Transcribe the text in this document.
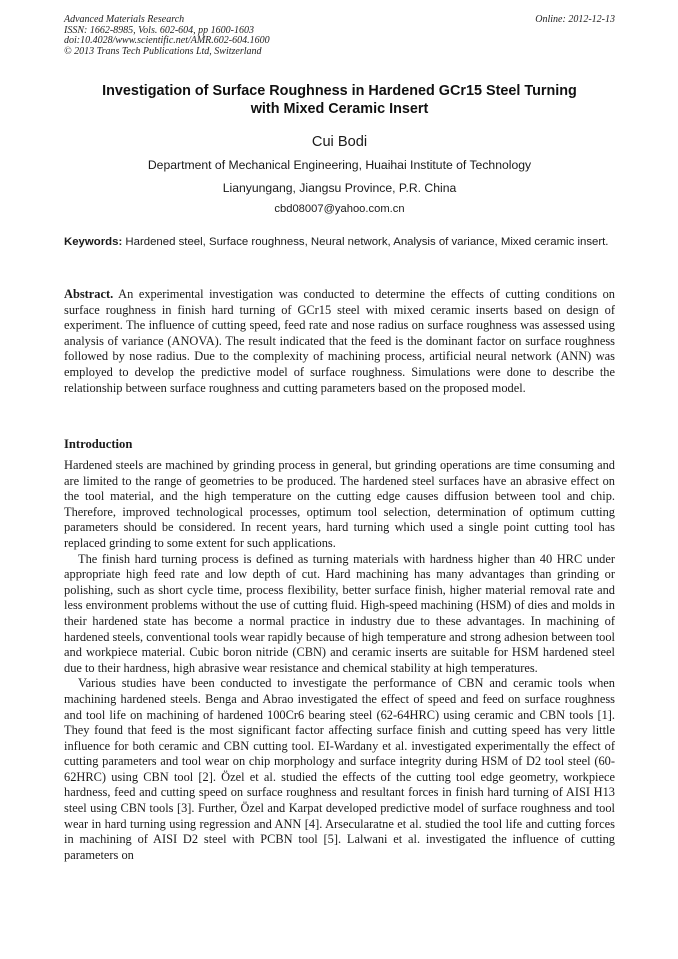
Advanced Materials Research
ISSN: 1662-8985, Vols. 602-604, pp 1600-1603
doi:10.4028/www.scientific.net/AMR.602-604.1600
© 2013 Trans Tech Publications Ltd, Switzerland
Online: 2012-12-13
Investigation of Surface Roughness in Hardened GCr15 Steel Turning
with Mixed Ceramic Insert
Cui Bodi
Department of Mechanical Engineering, Huaihai Institute of Technology
Lianyungang, Jiangsu Province, P.R. China
cbd08007@yahoo.com.cn
Keywords: Hardened steel, Surface roughness, Neural network, Analysis of variance, Mixed ceramic insert.
Abstract. An experimental investigation was conducted to determine the effects of cutting conditions on surface roughness in finish hard turning of GCr15 steel with mixed ceramic inserts based on design of experiment. The influence of cutting speed, feed rate and nose radius on surface roughness was assessed using analysis of variance (ANOVA). The result indicated that the feed is the dominant factor on surface roughness followed by nose radius. Due to the complexity of machining process, artificial neural network (ANN) was employed to develop the predictive model of surface roughness. Simulations were done to describe the relationship between surface roughness and cutting parameters based on the proposed model.
Introduction

Hardened steels are machined by grinding process in general, but grinding operations are time consuming and are limited to the range of geometries to be produced. The hardened steel surfaces have an abrasive effect on the tool material, and the high temperature on the cutting edge causes diffusion between tool and chip. Therefore, improved technological processes, optimum tool selection, determination of optimum cutting parameters should be considered. In recent years, hard turning which used a single point cutting tool has replaced grinding to some extent for such applications.

The finish hard turning process is defined as turning materials with hardness higher than 40 HRC under appropriate high feed rate and low depth of cut. Hard machining has many advantages than grinding or polishing, such as short cycle time, process flexibility, better surface finish, higher material removal rate and less environment problems without the use of cutting fluid. High-speed machining (HSM) of dies and molds in their hardened state has become a normal practice in industry due to these advantages. In machining of hardened steels, conventional tools wear rapidly because of high temperature and strong adhesion between tool and workpiece material. Cubic boron nitride (CBN) and ceramic inserts are suitable for HSM hardened steel due to their hardness, high abrasive wear resistance and chemical stability at high temperatures.

Various studies have been conducted to investigate the performance of CBN and ceramic tools when machining hardened steels. Benga and Abrao investigated the effect of speed and feed on surface roughness and tool life on machining of hardened 100Cr6 bearing steel (62-64HRC) using ceramic and CBN tools [1]. They found that feed is the most significant factor affecting surface finish and cutting speed has very little influence for both ceramic and CBN cutting tool. EI-Wardany et al. investigated experimentally the effect of cutting parameters and tool wear on chip morphology and surface integrity during HSM of D2 tool steel (60-62HRC) using CBN tool [2]. Özel et al. studied the effects of the cutting tool edge geometry, workpiece hardness, feed and cutting speed on surface roughness and resultant forces in finish hard turning of AISI H13 steel using CBN tools [3]. Further, Özel and Karpat developed predictive model of surface roughness and tool wear in hard turning using regression and ANN [4]. Arsecularatne et al. studied the tool life and cutting forces in machining of AISI D2 steel with PCBN tool [5]. Lalwani et al. investigated the influence of cutting parameters on
